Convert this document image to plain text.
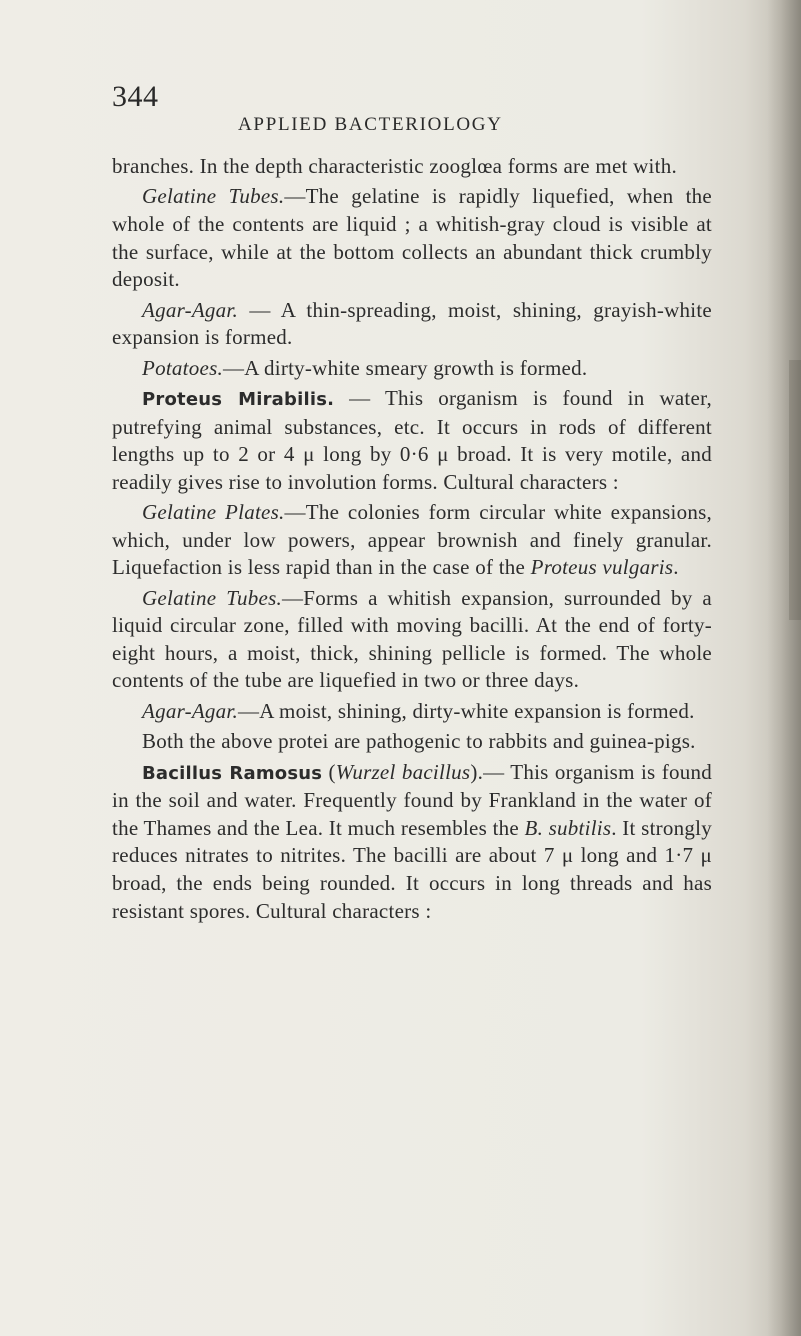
344
APPLIED BACTERIOLOGY

branches. In the depth characteristic zooglœa forms are met with.

Gelatine Tubes.—The gelatine is rapidly liquefied, when the whole of the contents are liquid ; a whitish-gray cloud is visible at the surface, while at the bottom collects an abundant thick crumbly deposit.

Agar-Agar. — A thin-spreading, moist, shining, grayish-white expansion is formed.

Potatoes.—A dirty-white smeary growth is formed.

Proteus Mirabilis. — This organism is found in water, putrefying animal substances, etc. It occurs in rods of different lengths up to 2 or 4 μ long by 0·6 μ broad. It is very motile, and readily gives rise to involution forms. Cultural characters :

Gelatine Plates.—The colonies form circular white expansions, which, under low powers, appear brownish and finely granular. Liquefaction is less rapid than in the case of the Proteus vulgaris.

Gelatine Tubes.—Forms a whitish expansion, surrounded by a liquid circular zone, filled with moving bacilli. At the end of forty-eight hours, a moist, thick, shining pellicle is formed. The whole contents of the tube are liquefied in two or three days.

Agar-Agar.—A moist, shining, dirty-white expansion is formed.

Both the above protei are pathogenic to rabbits and guinea-pigs.

Bacillus Ramosus (Wurzel bacillus).— This organism is found in the soil and water. Frequently found by Frankland in the water of the Thames and the Lea. It much resembles the B. subtilis. It strongly reduces nitrates to nitrites. The bacilli are about 7 μ long and 1·7 μ broad, the ends being rounded. It occurs in long threads and has resistant spores. Cultural characters :
